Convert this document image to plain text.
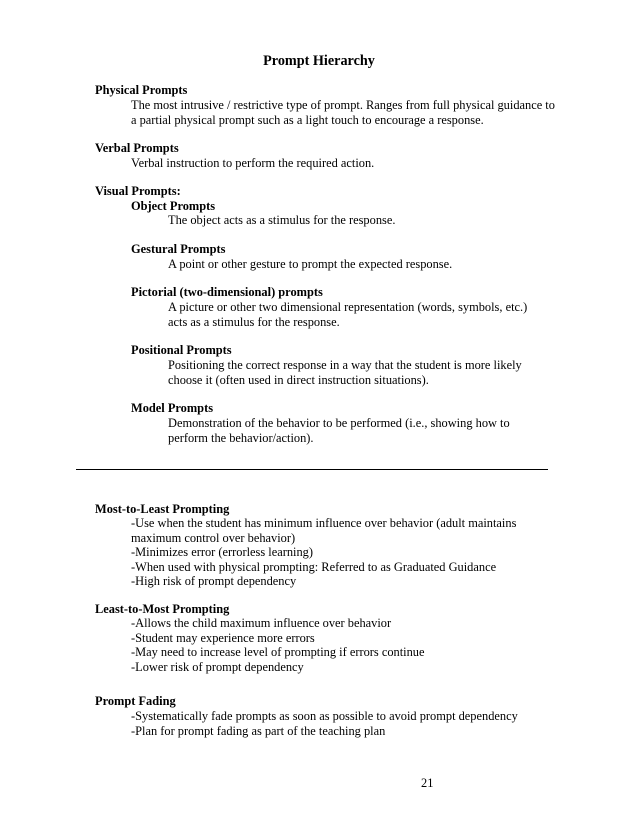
Prompt Hierarchy
Physical Prompts
The most intrusive / restrictive type of prompt. Ranges from full physical guidance to
a partial physical prompt such as a light touch to encourage a response.
Verbal Prompts
Verbal instruction to perform the required action.
Visual Prompts:
Object Prompts
The object acts as a stimulus for the response.
Gestural Prompts
A point or other gesture to prompt the expected response.
Pictorial (two-dimensional) prompts
A picture or other two dimensional representation (words, symbols, etc.)
acts as a stimulus for the response.
Positional Prompts
Positioning the correct response in a way that the student is more likely
choose it (often used in direct instruction situations).
Model Prompts
Demonstration of the behavior to be performed (i.e., showing how to
perform the behavior/action).
Most-to-Least Prompting
-Use when the student has minimum influence over behavior (adult maintains
maximum control over behavior)
-Minimizes error (errorless learning)
-When used with physical prompting: Referred to as Graduated Guidance
-High risk of prompt dependency
Least-to-Most Prompting
-Allows the child maximum influence over behavior
-Student may experience more errors
-May need to increase level of prompting if errors continue
-Lower risk of prompt dependency
Prompt Fading
-Systematically fade prompts as soon as possible to avoid prompt dependency
-Plan for prompt fading as part of the teaching plan
21
